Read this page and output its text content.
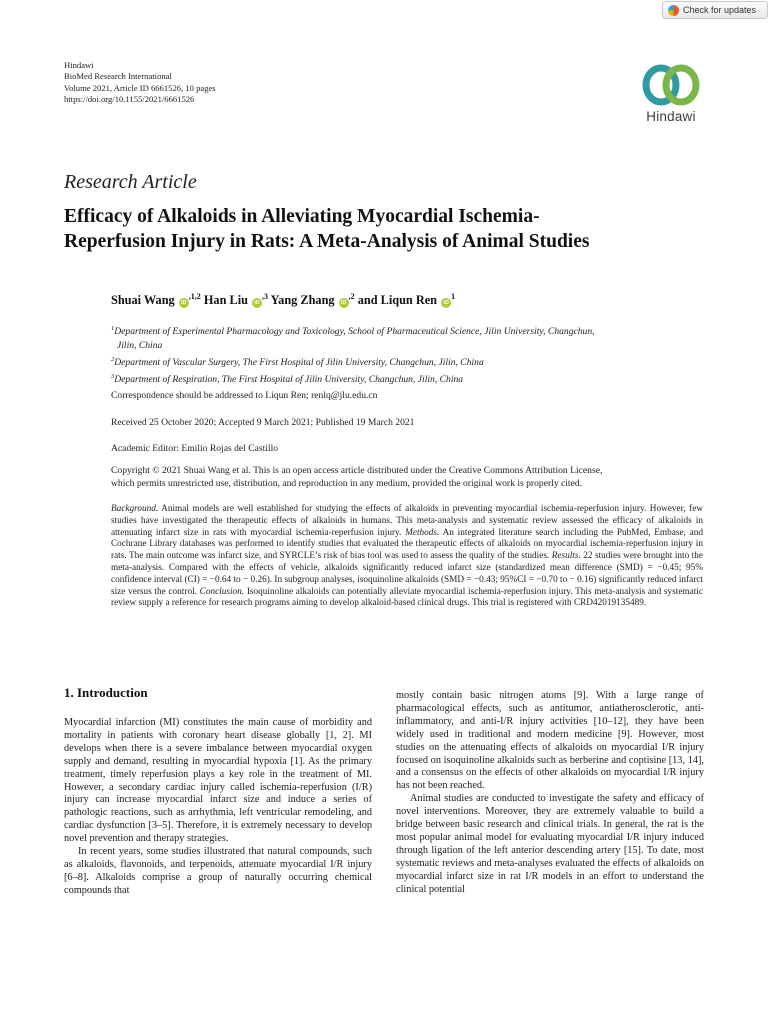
Check for updates
Hindawi
BioMed Research International
Volume 2021, Article ID 6661526, 10 pages
https://doi.org/10.1155/2021/6661526
Hindawi
Research Article
Efficacy of Alkaloids in Alleviating Myocardial Ischemia-
Reperfusion Injury in Rats: A Meta-Analysis of Animal Studies
Shuai Wang $iD^{,1,2}$ Han Liu $iD^{,3}$ Yang Zhang $iD^{,2}$ and Liqun Ren $iD^1$

$^1$Department of Experimental Pharmacology and Toxicology, School of Pharmaceutical Science, Jilin University, Changchun,

Jilin, China

$^2$Department of Vascular Surgery, The First Hospital of Jilin University, Changchun, Jilin, China

$^3$Department of Respiration, The First Hospital of Jilin University, Changchun, Jilin, China

Correspondence should be addressed to Liqun Ren; renlq@jlu.edu.cn
Received 25 October 2020; Accepted 9 March 2021; Published 19 March 2021
Academic Editor: Emilio Rojas del Castillo
Copyright © 2021 Shuai Wang et al. This is an open access article distributed under the Creative Commons Attribution License,
which permits unrestricted use, distribution, and reproduction in any medium, provided the original work is properly cited.

Background. Animal models are well established for studying the effects of alkaloids in preventing myocardial ischemia-reperfusion injury. However, few studies have investigated the therapeutic effects of alkaloids in humans. This meta-analysis and systematic review assessed the efficacy of alkaloids in attenuating infarct size in rats with myocardial ischemia-reperfusion injury. Methods. An integrated literature search including the PubMed, Embase, and Cochrane Library databases was performed to identify studies that evaluated the therapeutic effects of alkaloids on myocardial ischemia-reperfusion injury in rats. The main outcome was infarct size, and SYRCLE’s risk of bias tool was used to assess the quality of the studies. Results. 22 studies were brought into the meta-analysis. Compared with the effects of vehicle, alkaloids significantly reduced infarct size (standardized mean difference (SMD) = −0.45; 95% confidence interval (CI) = −0.64 to − 0.26). In subgroup analyses, isoquinoline alkaloids (SMD = −0.43; 95%CI = −0.70 to − 0.16) significantly reduced infarct size versus the control. Conclusion. Isoquinoline alkaloids can potentially alleviate myocardial ischemia-reperfusion injury. This meta-analysis and systematic review supply a reference for research programs aiming to develop alkaloid-based clinical drugs. This trial is registered with CRD42019135489.

1. Introduction

Myocardial infarction (MI) constitutes the main cause of morbidity and mortality in patients with coronary heart disease globally [1, 2]. MI develops when there is a severe imbalance between myocardial oxygen supply and demand, resulting in myocardial hypoxia [1]. As the primary treatment, timely reperfusion plays a key role in the treatment of MI. However, a secondary cardiac injury called ischemia-reperfusion (I/R) injury can increase myocardial infarct size and induce a series of pathologic reactions, such as arrhythmia, left ventricular remodeling, and cardiac dysfunction [3–5]. Therefore, it is extremely necessary to develop novel prevention and therapy strategies.

In recent years, some studies illustrated that natural compounds, such as alkaloids, flavonoids, and terpenoids, attenuate myocardial I/R injury [6–8]. Alkaloids comprise a group of naturally occurring chemical compounds that

mostly contain basic nitrogen atoms [9]. With a large range of pharmacological effects, such as antitumor, antiatherosclerotic, anti-inflammatory, and anti-I/R injury activities [10–12], they have been widely used in traditional and modern medicine [9]. However, most studies on the attenuating effects of alkaloids on myocardial I/R injury focused on isoquinoline alkaloids such as berberine and coptisine [13, 14], and a consensus on the effects of other alkaloids on myocardial I/R injury has not been reached.

Animal studies are conducted to investigate the safety and efficacy of novel interventions. Moreover, they are extremely valuable to build a bridge between basic research and clinical trials. In general, the rat is the most popular animal model for evaluating myocardial I/R injury induced through ligation of the left anterior descending artery [15]. To date, most systematic reviews and meta-analyses evaluated the effects of alkaloids on myocardial infarct size in rat I/R models in an effort to understand the clinical potential
